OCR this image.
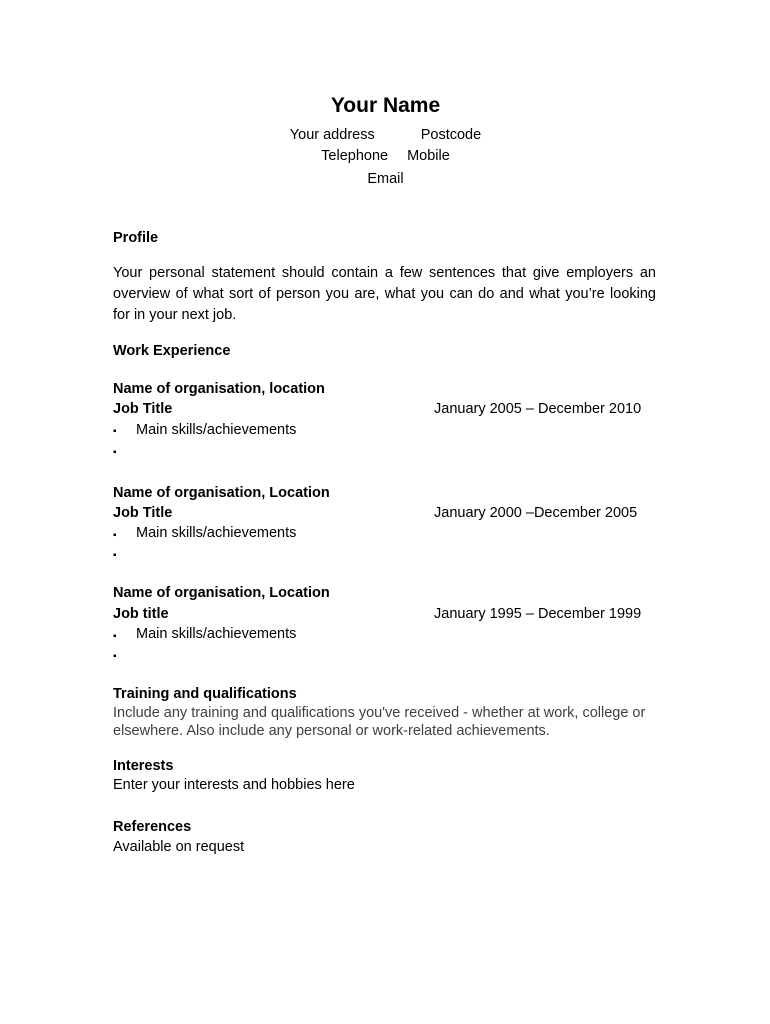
Your Name
Your address	Postcode
Telephone Mobile
Email
Profile
Your personal statement should contain a few sentences that give employers an overview of what sort of person you are, what you can do and what you’re looking for in your next job.
Work Experience
Name of organisation, location
Job Title	January 2005 – December 2010
▪	Main skills/achievements
▪
Name of organisation, Location
Job Title	January 2000 –December 2005
▪	Main skills/achievements
▪
Name of organisation, Location
Job title	January 1995 – December 1999
▪	Main skills/achievements
▪
Training and qualifications
Include any training and qualifications you've received - whether at work, college or elsewhere. Also include any personal or work-related achievements.
Interests
Enter your interests and hobbies here
References
Available on request
